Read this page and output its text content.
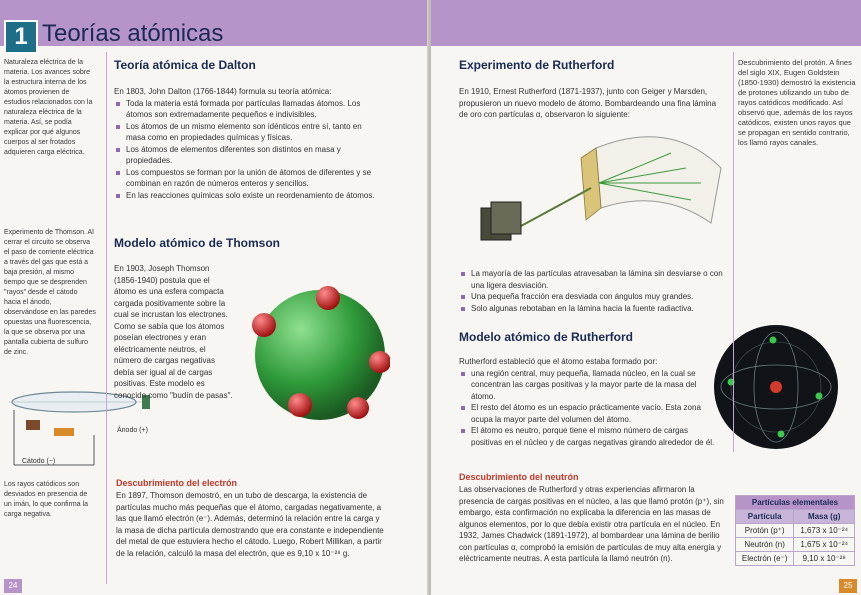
1 Teorías atómicas
Naturaleza eléctrica de la materia. Los avances sobre la estructura interna de los átomos provienen de estudios relacionados con la naturaleza eléctrica de la materia. Así, se podía explicar por qué algunos cuerpos al ser frotados adquieren carga eléctrica.
Experimento de Thomson. Al cerrar el circuito se observa el paso de corriente eléctrica a través del gas que está a baja presión, al mismo tiempo que se desprenden "rayos" desde el cátodo hacia el ánodo, observándose en las paredes opuestas una fluorescencia, la que se observa por una pantalla cubierta de sulfuro de zinc.
Cátodo (−)
Los rayos catódicos son desviados en presencia de un imán, lo que confirma la carga negativa.
Teoría atómica de Dalton
En 1803, John Dalton (1766-1844) formula su teoría atómica:
Toda la materia está formada por partículas llamadas átomos. Los átomos son extremadamente pequeños e indivisibles.
Los átomos de un mismo elemento son idénticos entre sí, tanto en masa como en propiedades químicas y físicas.
Los átomos de elementos diferentes son distintos en masa y propiedades.
Los compuestos se forman por la unión de átomos de diferentes y se combinan en razón de números enteros y sencillos.
En las reacciones químicas solo existe un reordenamiento de átomos.
Modelo atómico de Thomson
En 1903, Joseph Thomson (1856-1940) postula que el átomo es una esfera compacta cargada positivamente sobre la cual se incrustan los electrones. Como se sabía que los átomos poseían electrones y eran eléctricamente neutros, el número de cargas negativas debía ser igual al de cargas positivas. Este modelo es conocido como "budín de pasas".
Ánodo (+)
Descubrimiento del electrón
En 1897, Thomson demostró, en un tubo de descarga, la existencia de partículas mucho más pequeñas que el átomo, cargadas negativamente, a las que llamó electrón (e⁻). Además, determinó la relación entre la carga y la masa de dicha partícula demostrando que era constante e independiente del metal de que estuviera hecho el cátodo. Luego, Robert Millikan, a partir de la relación, calculó la masa del electrón, que es 9,10 x 10⁻²⁸ g.
24
Experimento de Rutherford
En 1910, Ernest Rutherford (1871-1937), junto con Geiger y Marsden, propusieron un nuevo modelo de átomo. Bombardeando una fina lámina de oro con partículas α, observaron lo siguiente:
La mayoría de las partículas atravesaban la lámina sin desviarse o con una ligera desviación.
Una pequeña fracción era desviada con ángulos muy grandes.
Solo algunas rebotaban en la lámina hacia la fuente radiactiva.
Modelo atómico de Rutherford
Rutherford estableció que el átomo estaba formado por:
una región central, muy pequeña, llamada núcleo, en la cual se concentran las cargas positivas y la mayor parte de la masa del átomo.
El resto del átomo es un espacio prácticamente vacío. Esta zona ocupa la mayor parte del volumen del átomo.
El átomo es neutro, porque tiene el mismo número de cargas positivas en el núcleo y de cargas negativas girando alrededor de él.
Descubrimiento del neutrón
Las observaciones de Rutherford y otras experiencias afirmaron la presencia de cargas positivas en el núcleo, a las que llamó protón (p⁺), sin embargo, esta confirmación no explicaba la diferencia en las masas de algunos elementos, por lo que debía existir otra partícula en el núcleo. En 1932, James Chadwick (1891-1972), al bombardear una lámina de berilio con partículas α, comprobó la emisión de partículas de muy alta energía y eléctricamente neutras. A esta partícula la llamó neutrón (n).
Descubrimiento del protón. A fines del siglo XIX, Eugen Goldstein (1850-1930) demostró la existencia de protones utilizando un tubo de rayos catódicos modificado. Así observó que, además de los rayos catódicos, existen unos rayos que se propagan en sentido contrario, los llamó rayos canales.
Partículas elementales	
Partícula	Masa (g)
Protón (p⁺)	1,673 x 10⁻²⁴
Neutrón (n)	1,675 x 10⁻²⁴
Electrón (e⁻)	9,10 x 10⁻²⁸
25
